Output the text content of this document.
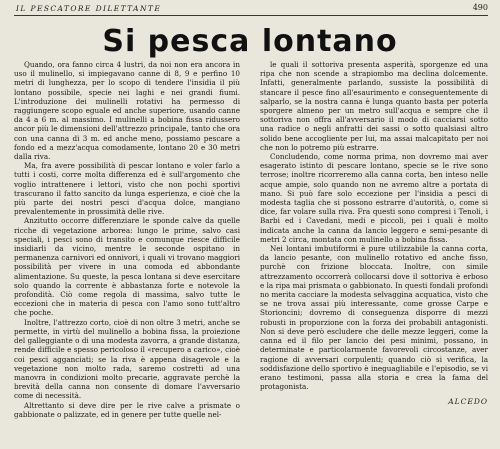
IL PESCATORE DILETTANTE	490
Si pesca lontano

Quando, ora fanno circa 4 lustri, da noi non era ancora in uso il mulinello, si impiegavano canne di 8, 9 e perfino 10 metri di lunghezza, per lo scopo di tendere l'insidia il più lontano possibile, specie nei laghi e nei grandi fiumi. L'introduzione dei mulinelli rotativi ha permesso di raggiungere scopo eguale ed anche superiore, usando canne da 4 a 6 m. al massimo. I mulinelli a bobina fissa ridussero ancor più le dimensioni dell'attrezzo principale, tanto che ora con una canna di 3 m. ed anche meno, possiamo pescare a fondo ed a mezz'acqua comodamente, lontano 20 e 30 metri dalla riva.

Ma, fra avere possibilità di pescar lontano e voler farlo a tutti i costi, corre molta differenza ed è sull'argomento che voglio intrattenere i lettori, visto che non pochi sportivi trascurano il fatto sancito da lunga esperienza, e cioè che la più parte dei nostri pesci d'acqua dolce, mangiano prevalentemente in prossimità delle rive.

Anzitutto occorre differenziare le sponde calve da quelle ricche di vegetazione arborea: lungo le prime, salvo casi speciali, i pesci sono di transito e comunque riesce difficile insidiarli da vicino, mentre le seconde ospitano in permanenza carnivori ed onnivori, i quali vi trovano maggiori possibilità per vivere in una comoda ed abbondante alimentazione. Su queste, la pesca lontana si deve esercitare solo quando la corrente è abbastanza forte e notevole la profondità. Ciò come regola di massima, salvo tutte le eccezioni che in materia di pesca con l'amo sono tutt'altro che poche.

Inoltre, l'attrezzo corto, cioè di non oltre 3 metri, anche se permette, in virtù del mulinello a bobina fissa, la proiezione del galleggiante o di una modesta zavorra, a grande distanza, rende difficile e spesso pericoloso il «recupero a carico», cioè coi pesci agganciati; se la riva è appena disagevole e la vegetazione non molto rada, saremo costretti ad una manovra in condizioni molto precarie, aggravate perchè la brevità della canna non consente di domare l'avversario come di necessità.

Altrettanto si deve dire per le rive calve a prismate o gabbionate o palizzate, ed in genere per tutte quelle nel-

le quali il sottoriva presenta asperità, sporgenze ed una ripa che non scende a strapiombo ma declina dolcemente. Infatti, generalmente parlando, sussiste la possibilità di stancare il pesce fino all'esaurimento e conseguentemente di salparlo, se la nostra canna è lunga quanto basta per poterla sporgere almeno per un metro sull'acqua e sempre che il sottoriva non offra all'avversario il modo di cacciarsi sotto una radice o negli anfratti dei sassi o sotto qualsiasi altro solido bene accogliente per lui, ma assai malcapitato per noi che non lo potremo più estrarre.

Concludendo, come norma prima, non dovremo mai aver esagerato istinto di pescare lontano, specie se le rive sono terrose; inoltre ricorreremo alla canna corta, ben inteso nelle acque ampie, solo quando non ne avremo altre a portata di mano. Si può fare solo eccezione per l'insidia a pesci di modesta taglia che si possono estrarre d'autorità, o, come si dice, far volare sulla riva. Fra questi sono compresi i Tenoli, i Barbi ed i Cavedani, medi e piccoli, pei i quali è molto indicata anche la canna da lancio leggero e semi-pesante di metri 2 circa, montata con mulinello a bobina fissa.

Nei lontani imbutiformi è pure utilizzabile la canna corta, da lancio pesante, con mulinello rotativo ed anche fisso, purchè con frizione bloccata. Inoltre, con simile attrezzamento occorrerà collocarsi dove il sottoriva è erboso e la ripa mai prismata o gabbionato. In questi fondali profondi no merita cacciare la modesta selvaggina acquatica, visto che se ne trova assai più interessante, come grosse Carpe e Storioncini; dovremo di conseguenza disporre di mezzi robusti in proporzione con la forza dei probabili antagonisti. Non si deve però escludere che delle mezze leggeri, come la canna ed il filo per lancio dei pesi minimi, possano, in determinate e particolarmente favorevoli circostanze, aver ragione di avversari corpulenti; quando ciò si verifica, la soddisfazione dello sportivo è ineguagliabile e l'episodio, se vi erano testimoni, passa alla storia e crea la fama del protagonista.

ALCEDO
